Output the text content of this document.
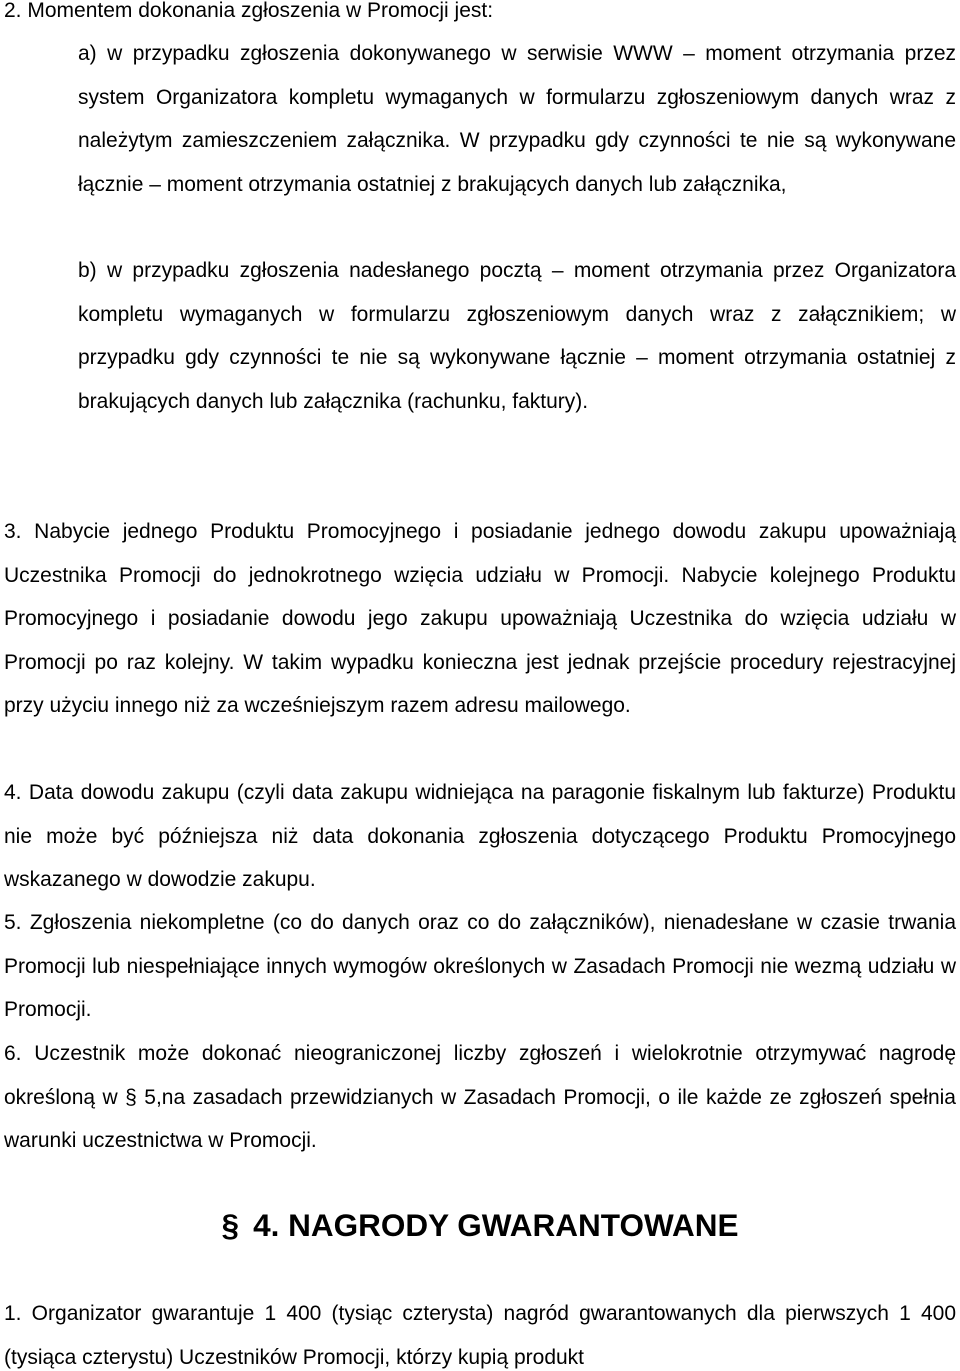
2. Momentem dokonania zgłoszenia w Promocji jest:

a) w przypadku zgłoszenia dokonywanego w serwisie WWW – moment otrzymania przez system Organizatora kompletu wymaganych w formularzu zgłoszeniowym danych wraz z należytym zamieszczeniem załącznika. W przypadku gdy czynności te nie są wykonywane łącznie – moment otrzymania ostatniej z brakujących danych lub załącznika,

b) w przypadku zgłoszenia nadesłanego pocztą – moment otrzymania przez Organizatora kompletu wymaganych w formularzu zgłoszeniowym danych wraz z załącznikiem; w przypadku gdy czynności te nie są wykonywane łącznie – moment otrzymania ostatniej z brakujących danych lub załącznika (rachunku, faktury).

3. Nabycie jednego Produktu Promocyjnego i posiadanie jednego dowodu zakupu upoważniają Uczestnika Promocji do jednokrotnego wzięcia udziału w Promocji. Nabycie kolejnego Produktu Promocyjnego i posiadanie dowodu jego zakupu upoważniają Uczestnika do wzięcia udziału w Promocji po raz kolejny. W takim wypadku konieczna jest jednak przejście procedury rejestracyjnej przy użyciu innego niż za wcześniejszym razem adresu mailowego.

4. Data dowodu zakupu (czyli data zakupu widniejąca na paragonie fiskalnym lub fakturze) Produktu nie może być późniejsza niż data dokonania zgłoszenia dotyczącego Produktu Promocyjnego wskazanego w dowodzie zakupu.

5. Zgłoszenia niekompletne (co do danych oraz co do załączników), nienadesłane w czasie trwania Promocji lub niespełniające innych wymogów określonych w Zasadach Promocji nie wezmą udziału w Promocji.

6. Uczestnik może dokonać nieograniczonej liczby zgłoszeń i wielokrotnie otrzymywać nagrodę określoną w § 5,na zasadach przewidzianych w Zasadach Promocji, o ile każde ze zgłoszeń spełnia warunki uczestnictwa w Promocji.

§ 4. NAGRODY GWARANTOWANE

1. Organizator gwarantuje 1 400 (tysiąc czterysta) nagród gwarantowanych dla pierwszych 1 400 (tysiąca czterystu) Uczestników Promocji, którzy kupią produkt
